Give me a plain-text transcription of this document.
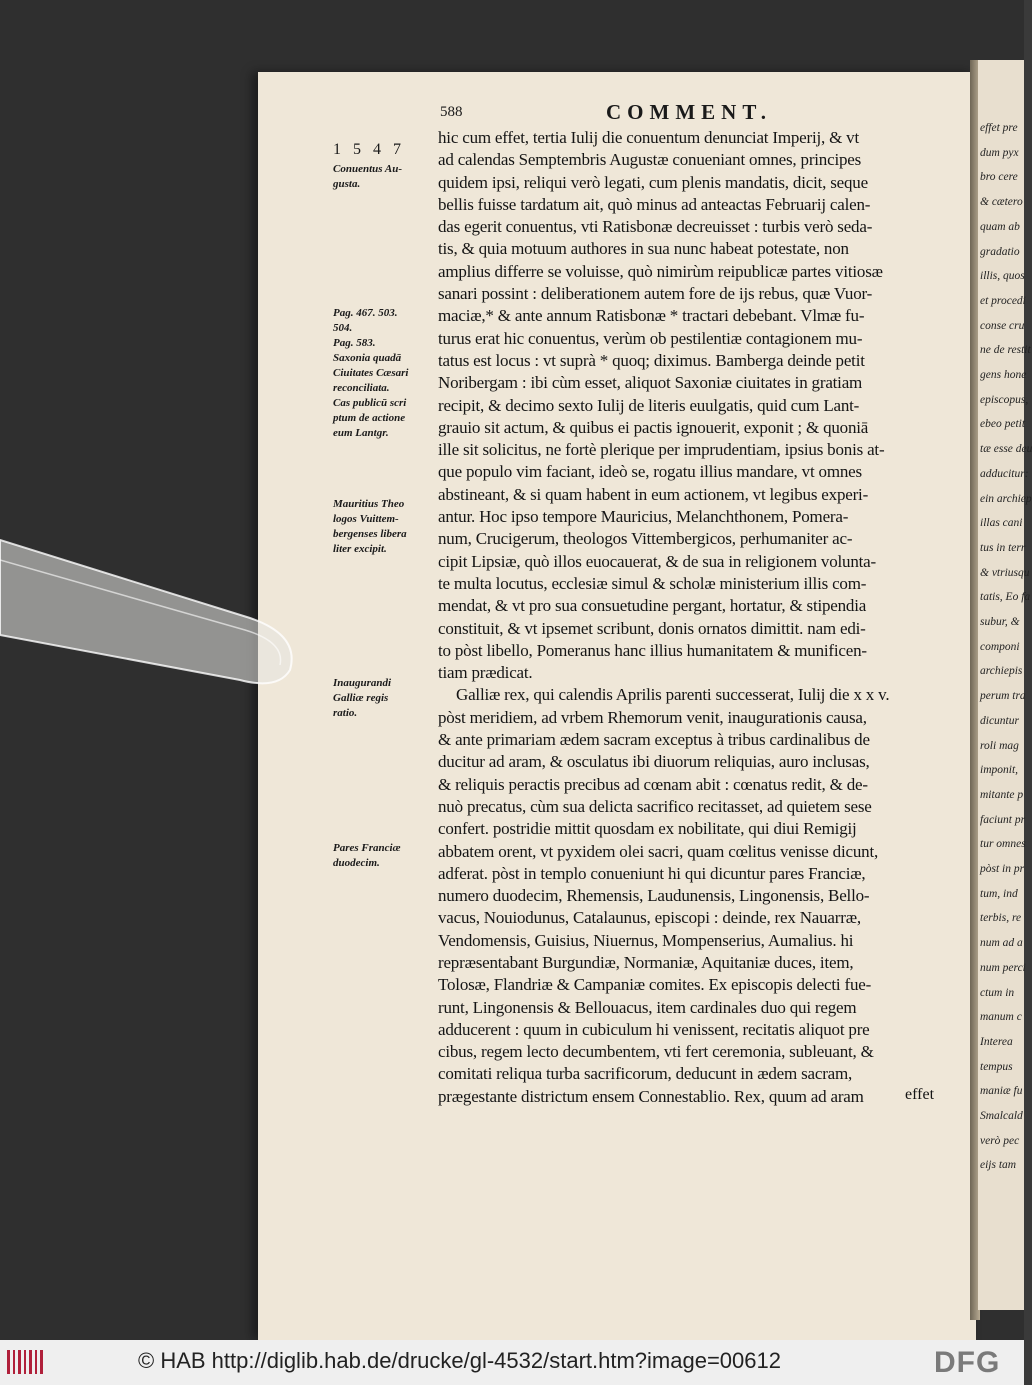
effet pre
dum pyx
bro cere
& cætero
quam ab
gradatio
illis, quos
et procedi
conse cru
ne de restit
gens hone
episcopus,
ebeo petit
tæ esse deu
adducitur:
ein archiep
illas cani
tus in terr
& vtriusqu
tatis, Eo fa
subur, &
componi
archiepis
perum tra
dicuntur
roli mag
imponit,
mitante p
faciunt pr
tur omnes
pòst in pr
tum, ind
terbis, re
num ad a
num perci
ctum in
manum c
Interea
tempus
maniæ fu
Smalcald
verò pec
eijs tam
588	COMMENT.
1547
Conuentus Au-
gusta.
Pag. 467. 503.
504.
Pag. 583.
Saxonia quadā
Ciuitates Cæsari
reconciliata.
Cas publicū scri
ptum de actione
eum Lantgr.
Mauritius Theo
logos Vuittem-
bergenses libera
liter excipit.
Inaugurandi
Galliæ regis
ratio.
Pares Franciæ
duodecim.
hic cum effet, tertia Iulij die conuentum denunciat Imperij, & vt
ad calendas Semptembris Augustæ conueniant omnes, principes
quidem ipsi, reliqui verò legati, cum plenis mandatis, dicit, seque
bellis fuisse tardatum ait, quò minus ad anteactas Februarij calen-
das egerit conuentus, vti Ratisbonæ decreuisset : turbis verò seda-
tis, & quia motuum authores in sua nunc habeat potestate, non
amplius differre se voluisse, quò nimirùm reipublicæ partes vitiosæ
sanari possint : deliberationem autem fore de ijs rebus, quæ Vuor-
maciæ,* & ante annum Ratisbonæ * tractari debebant. Vlmæ fu-
turus erat hic conuentus, verùm ob pestilentiæ contagionem mu-
tatus est locus : vt suprà * quoq; diximus. Bamberga deinde petit
Noribergam : ibi cùm esset, aliquot Saxoniæ ciuitates in gratiam
recipit, & decimo sexto Iulij de literis euulgatis, quid cum Lant-
grauio sit actum, & quibus ei pactis ignouerit, exponit ; & quoniā
ille sit solicitus, ne fortè plerique per imprudentiam, ipsius bonis at-
que populo vim faciant, ideò se, rogatu illius mandare, vt omnes
abstineant, & si quam habent in eum actionem, vt legibus experi-
antur. Hoc ipso tempore Mauricius, Melanchthonem, Pomera-
num, Crucigerum, theologos Vittembergicos, perhumaniter ac-
cipit Lipsiæ, quò illos euocauerat, & de sua in religionem volunta-
te multa locutus, ecclesiæ simul & scholæ ministerium illis com-
mendat, & vt pro sua consuetudine pergant, hortatur, & stipendia
constituit, & vt ipsemet scribunt, donis ornatos dimittit. nam edi-
to pòst libello, Pomeranus hanc illius humanitatem & munificen-
tiam prædicat.
Galliæ rex, qui calendis Aprilis parenti successerat, Iulij die x x v.
pòst meridiem, ad vrbem Rhemorum venit, inaugurationis causa,
& ante primariam ædem sacram exceptus à tribus cardinalibus de
ducitur ad aram, & osculatus ibi diuorum reliquias, auro inclusas,
& reliquis peractis precibus ad cœnam abit : cœnatus redit, & de-
nuò precatus, cùm sua delicta sacrifico recitasset, ad quietem sese
confert. postridie mittit quosdam ex nobilitate, qui diui Remigij
abbatem orent, vt pyxidem olei sacri, quam cœlitus venisse dicunt,
adferat. pòst in templo conueniunt hi qui dicuntur pares Franciæ,
numero duodecim, Rhemensis, Laudunensis, Lingonensis, Bello-
vacus, Nouiodunus, Catalaunus, episcopi : deinde, rex Nauarræ,
Vendomensis, Guisius, Niuernus, Mompenserius, Aumalius. hi
repræsentabant Burgundiæ, Normaniæ, Aquitaniæ duces, item,
Tolosæ, Flandriæ & Campaniæ comites. Ex episcopis delecti fue-
runt, Lingonensis & Bellouacus, item cardinales duo qui regem
adducerent : quum in cubiculum hi venissent, recitatis aliquot pre
cibus, regem lecto decumbentem, vti fert ceremonia, subleuant, &
comitati reliqua turba sacrificorum, deducunt in ædem sacram,
prægestante districtum ensem Connestablio. Rex, quum ad aram	effet
© HAB http://diglib.hab.de/drucke/gl-4532/start.htm?image=00612	DFG
